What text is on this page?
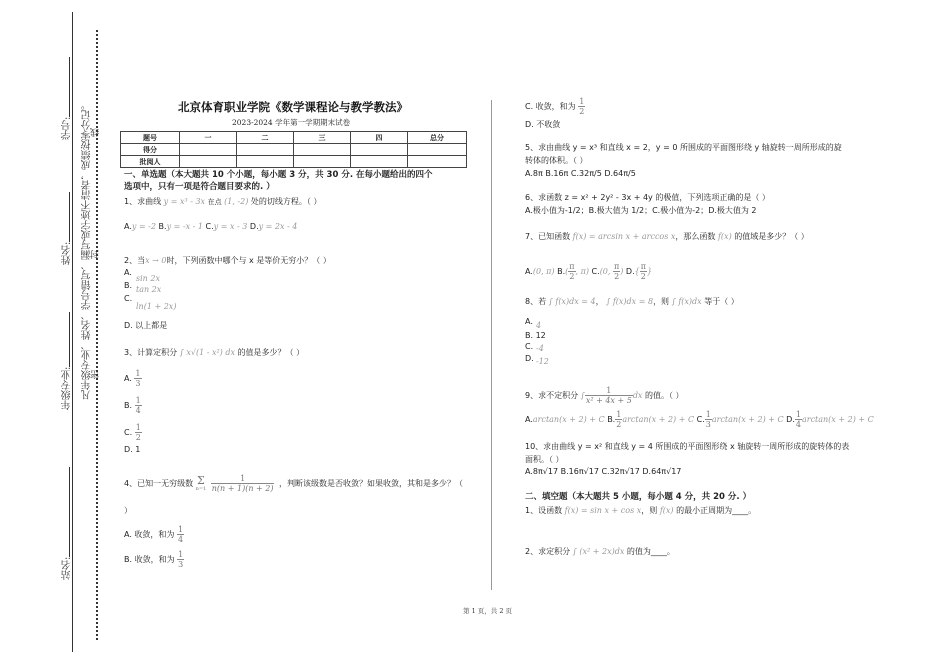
学号:
姓名:
年级专业:
站名:
凡年级专业、姓名、学号错写、漏写或字迹不清者，成绩按零分记。
密
封
线
北京体育职业学院《数学课程论与教学教法》
2023-2024 学年第一学期期末试卷
题号	一	二	三	四	总分
得分					
批阅人					
一、单选题（本大题共 10 个小题，每小题 3 分，共 30 分. 在每小题给出的四个
选项中，只有一项是符合题目要求的. ）
1、求曲线 y = x³ - 3x 在点 (1, -2) 处的切线方程。（ ）
A.y = -2 B.y = -x - 1 C.y = x - 3 D.y = 2x - 4
2、当x → 0时，下列函数中哪个与 x 是等价无穷小？（ ）
A.
sin 2x
B. tan 2x
C.
ln(1 + 2x)
D. 以上都是
3、计算定积分 ∫ x√(1 - x²) dx 的值是多少？（ ）
A. $\frac{1}{3}$
B. $\frac{1}{4}$
C. $\frac{1}{2}$
D. 1
4、已知一无穷级数 Σ
n=1
$\frac{1}{n(n + 1)(n + 2)}$ ，判断该级数是否收敛？如果收敛，其和是多少？（
）
A. 收敛，和为 $\frac{1}{4}$
B. 收敛，和为 $\frac{1}{3}$
C. 收敛，和为 $\frac{1}{2}$
D. 不收敛
5、求由曲线 y = x³ 和直线 x = 2，y = 0 所围成的平面图形绕 y 轴旋转一周所形成的旋
转体的体积。（ ）
A.8π B.16π C.32π/5 D.64π/5
6、求函数 z = x² + 2y² - 3x + 4y 的极值，下列选项正确的是（ ）
A.极小值为-1/2；B.极大值为 1/2；C.极小值为-2；D.极大值为 2
7、已知函数 f(x) = arcsin x + arccos x，那么函数 f(x) 的值域是多少？（ ）
A.(0, π) $B.( \frac{\pi}{2}$ , π) C.(0, $\frac{\pi}{2}$ ) $D.\{ \frac{\pi}{2}$ }
8、若 ∫ f(x)dx = 4， ∫ f(x)dx = 8，则 ∫ f(x)dx 等于（ ）
A. 4
B. 12
C. -4
D. -12
9、求不定积分 ∫ $\frac{1}{\text{x² + 4x + 5}}$ dx 的值。（ ）
A.arctan(x + 2) + C B. $\frac{1}{2} \arctan(x + 2) + C$ C. $\frac{1}{3} \arctan(x + 2) + C$ D. $\frac{1}{4} \arctan(x + 2) + C$
10、求由曲线 y = x² 和直线 y = 4 所围成的平面图形绕 x 轴旋转一周所形成的旋转体的表
面积。（ ）
A.8π√17 B.16π√17 C.32π√17 D.64π√17
二、填空题（本大题共 5 小题，每小题 4 分，共 20 分. ）
1、设函数 f(x) = sin x + cos x，则 f(x) 的最小正周期为____。
2、求定积分 ∫ (x² + 2x)dx 的值为____。
第 1 页，共 2 页
